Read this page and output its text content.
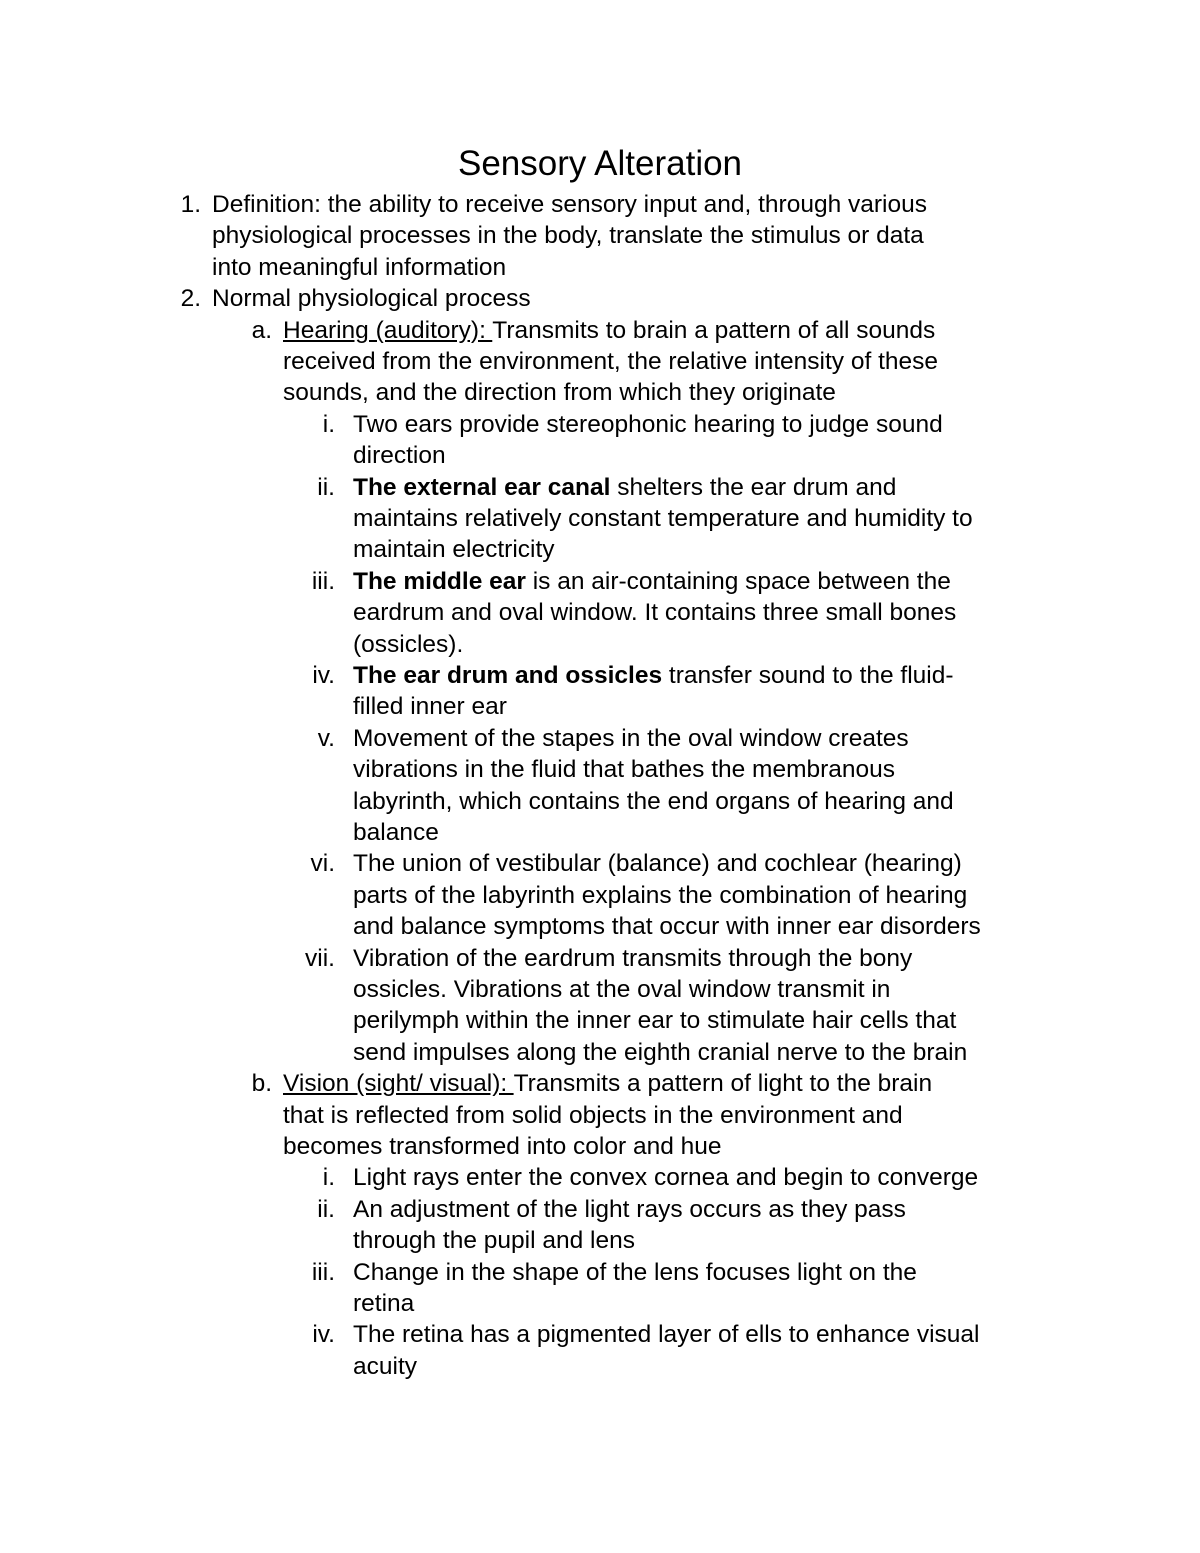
Sensory Alteration
1. Definition: the ability to receive sensory input and, through various
physiological processes in the body, translate the stimulus or data
into meaningful information
2. Normal physiological process
a. Hearing (auditory): Transmits to brain a pattern of all sounds
received from the environment, the relative intensity of these
sounds, and the direction from which they originate
i. Two ears provide stereophonic hearing to judge sound
direction
ii. The external ear canal shelters the ear drum and
maintains relatively constant temperature and humidity to
maintain electricity
iii. The middle ear is an air-containing space between the
eardrum and oval window. It contains three small bones
(ossicles).
iv. The ear drum and ossicles transfer sound to the fluid-
filled inner ear
v. Movement of the stapes in the oval window creates
vibrations in the fluid that bathes the membranous
labyrinth, which contains the end organs of hearing and
balance
vi. The union of vestibular (balance) and cochlear (hearing)
parts of the labyrinth explains the combination of hearing
and balance symptoms that occur with inner ear disorders
vii. Vibration of the eardrum transmits through the bony
ossicles. Vibrations at the oval window transmit in
perilymph within the inner ear to stimulate hair cells that
send impulses along the eighth cranial nerve to the brain
b. Vision (sight/ visual): Transmits a pattern of light to the brain
that is reflected from solid objects in the environment and
becomes transformed into color and hue
i. Light rays enter the convex cornea and begin to converge
ii. An adjustment of the light rays occurs as they pass
through the pupil and lens
iii. Change in the shape of the lens focuses light on the
retina
iv. The retina has a pigmented layer of ells to enhance visual
acuity
